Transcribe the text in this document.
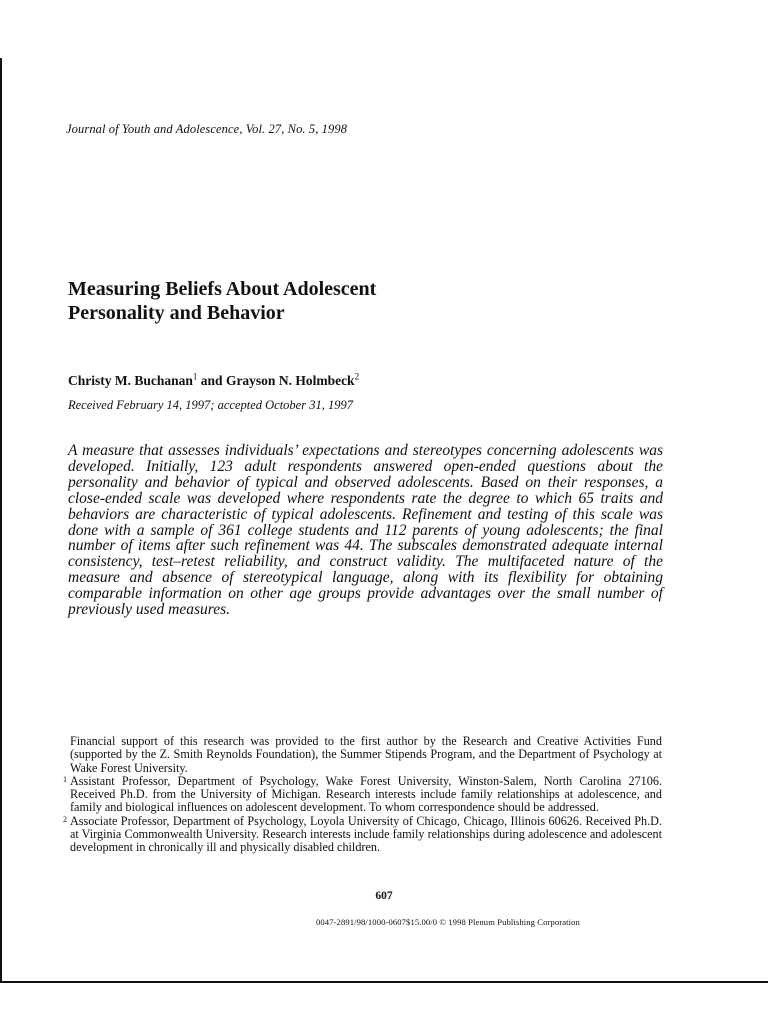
Journal of Youth and Adolescence, Vol. 27, No. 5, 1998
Measuring Beliefs About Adolescent
Personality and Behavior
Christy M. Buchanan$^1$ and Grayson N. Holmbeck$^2$
Received February 14, 1997; accepted October 31, 1997
A measure that assesses individuals’ expectations and stereotypes concerning adolescents was developed. Initially, 123 adult respondents answered open-ended questions about the personality and behavior of typical and observed adolescents. Based on their responses, a close-ended scale was developed where respondents rate the degree to which 65 traits and behaviors are characteristic of typical adolescents. Refinement and testing of this scale was done with a sample of 361 college students and 112 parents of young adolescents; the final number of items after such refinement was 44. The subscales demonstrated adequate internal consistency, test–retest reliability, and construct validity. The multifaceted nature of the measure and absence of stereotypical language, along with its flexibility for obtaining comparable information on other age groups provide advantages over the small number of previously used measures.

Financial support of this research was provided to the first author by the Research and Creative Activities Fund (supported by the Z. Smith Reynolds Foundation), the Summer Stipends Program, and the Department of Psychology at Wake Forest University.

1 Assistant Professor, Department of Psychology, Wake Forest University, Winston-Salem, North Carolina 27106. Received Ph.D. from the University of Michigan. Research interests include family relationships at adolescence, and family and biological influences on adolescent development. To whom correspondence should be addressed.

2 Associate Professor, Department of Psychology, Loyola University of Chicago, Chicago, Illinois 60626. Received Ph.D. at Virginia Commonwealth University. Research interests include family relationships during adolescence and adolescent development in chronically ill and physically disabled children.

607
0047-2891/98/1000-0607$15.00/0 © 1998 Plenum Publishing Corporation
